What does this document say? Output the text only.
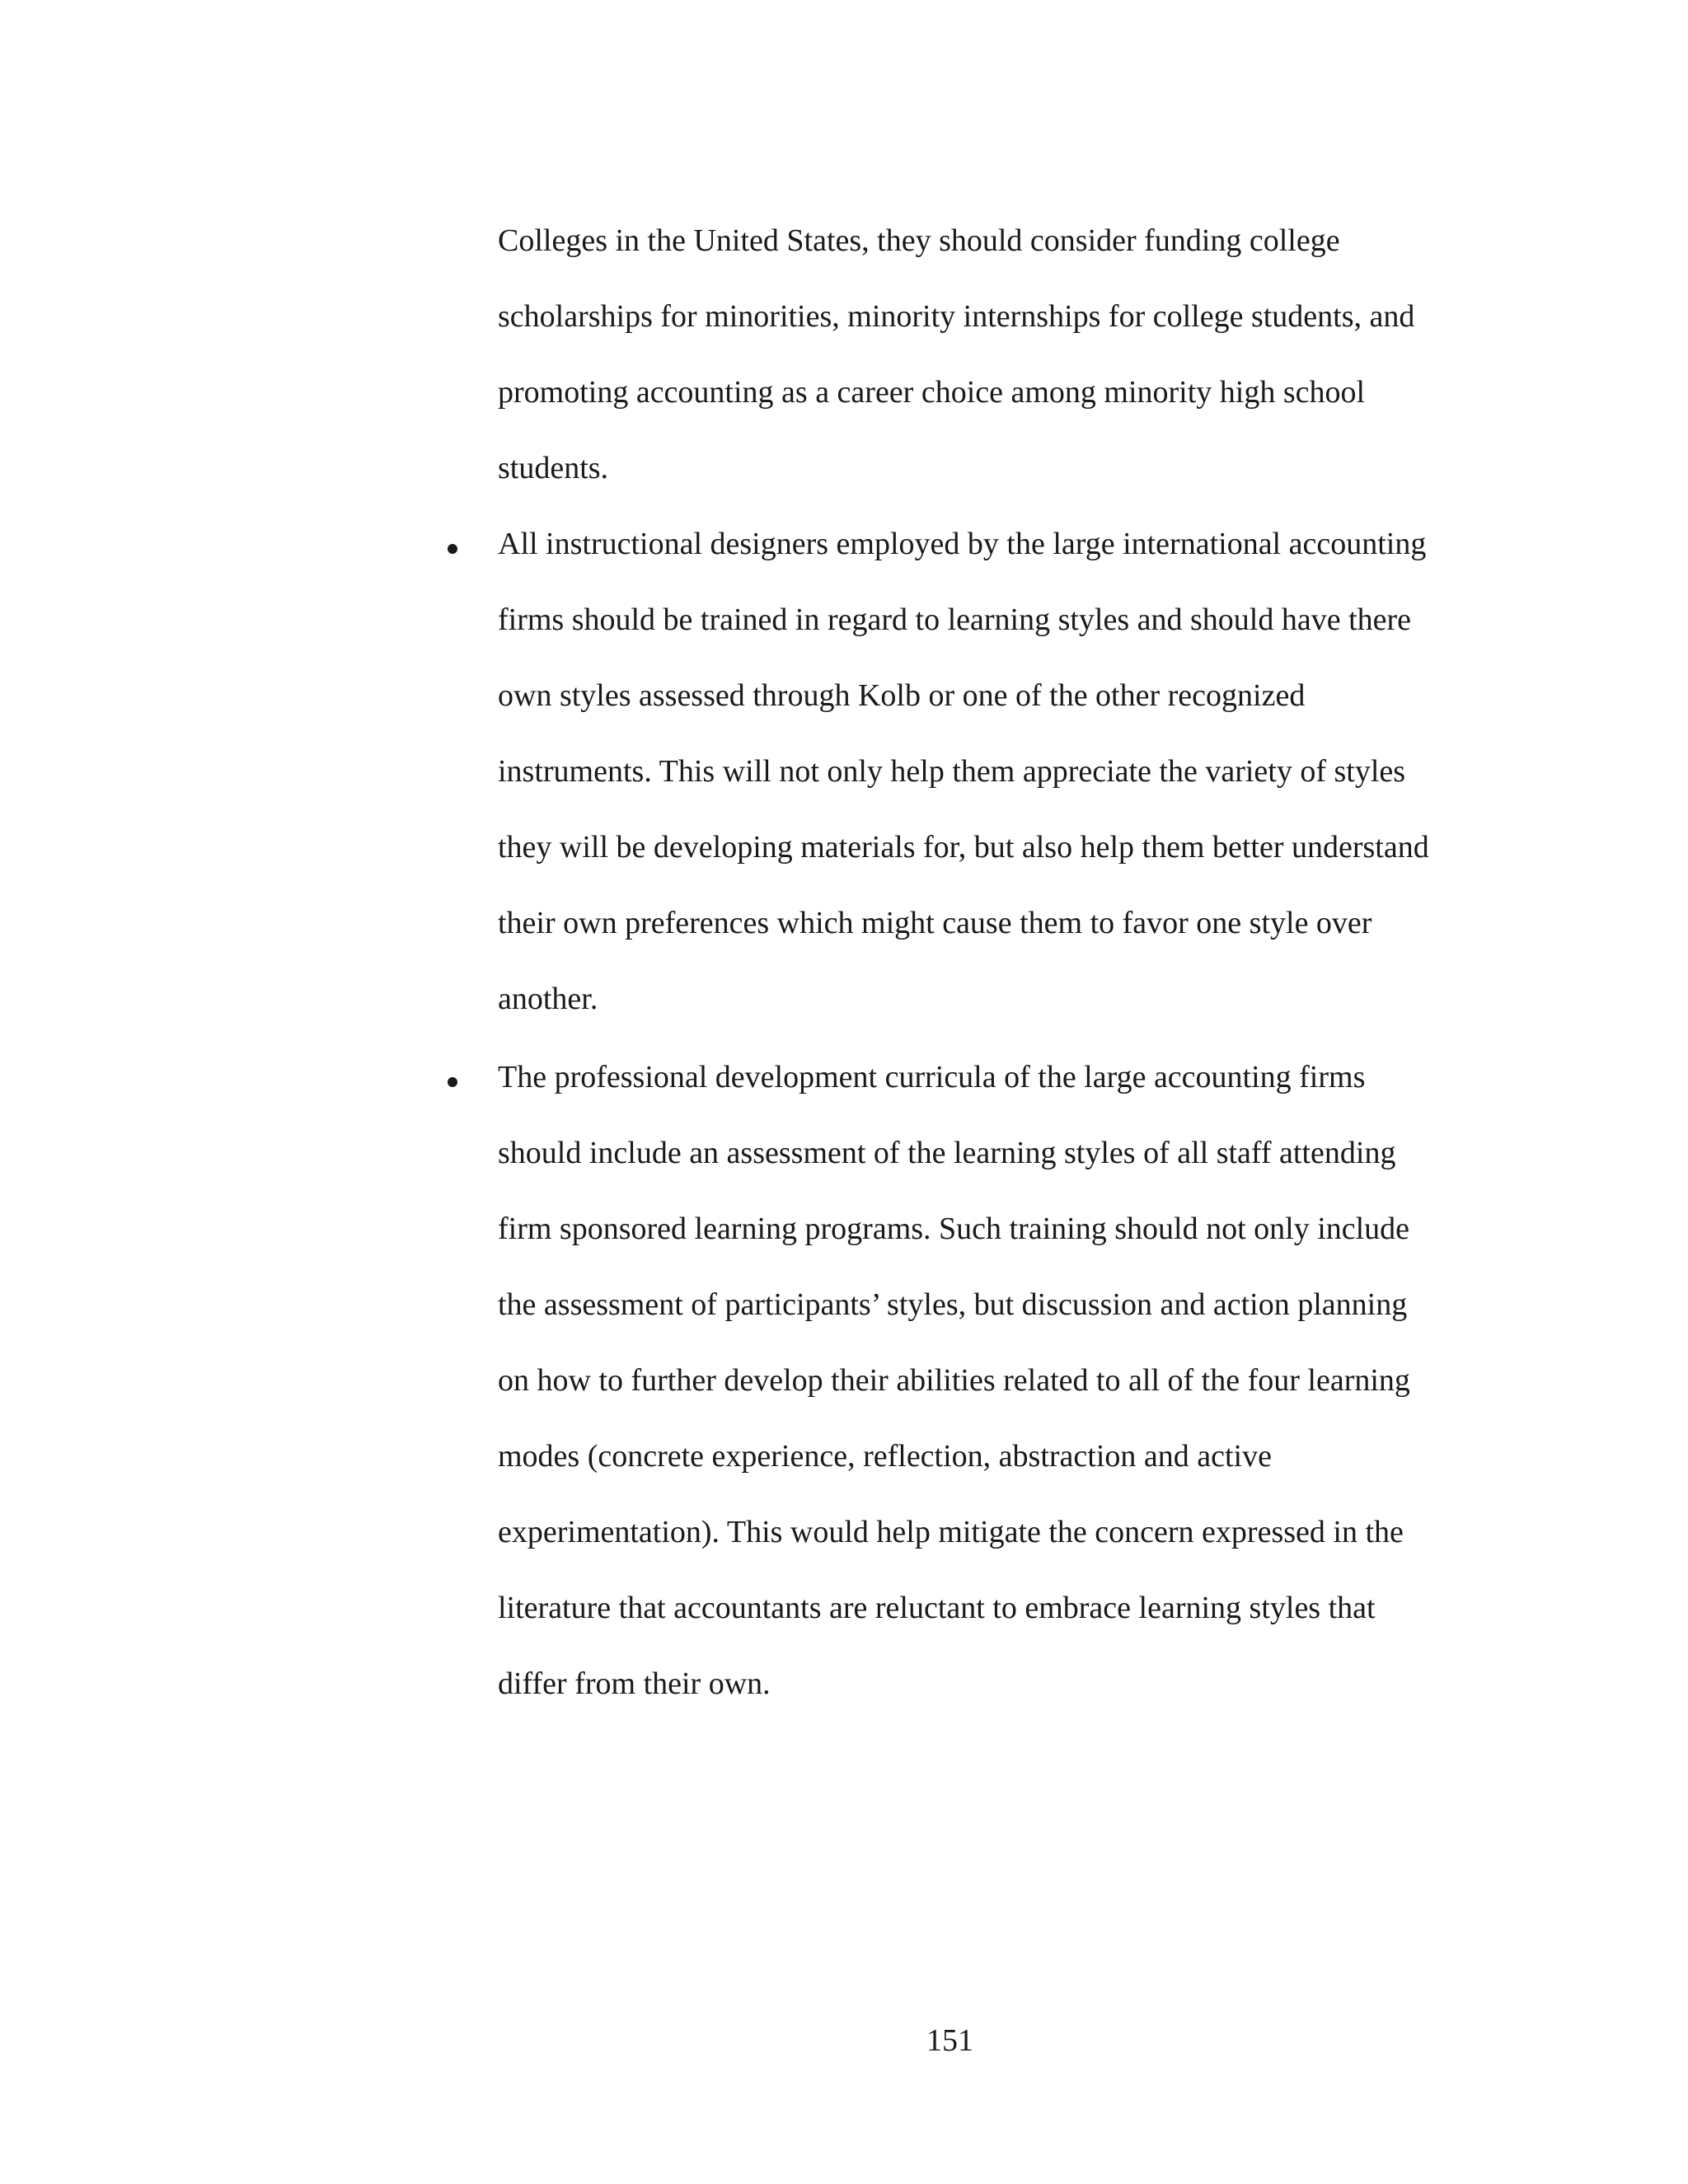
Colleges in the United States, they should consider funding college

scholarships for minorities, minority internships for college students, and

promoting accounting as a career choice among minority high school

students.

All instructional designers employed by the large international accounting

firms should be trained in regard to learning styles and should have there

own styles assessed through Kolb or one of the other recognized

instruments. This will not only help them appreciate the variety of styles

they will be developing materials for, but also help them better understand

their own preferences which might cause them to favor one style over

another.

The professional development curricula of the large accounting firms

should include an assessment of the learning styles of all staff attending

firm sponsored learning programs. Such training should not only include

the assessment of participants’ styles, but discussion and action planning

on how to further develop their abilities related to all of the four learning

modes (concrete experience, reflection, abstraction and active

experimentation). This would help mitigate the concern expressed in the

literature that accountants are reluctant to embrace learning styles that

differ from their own.

151
